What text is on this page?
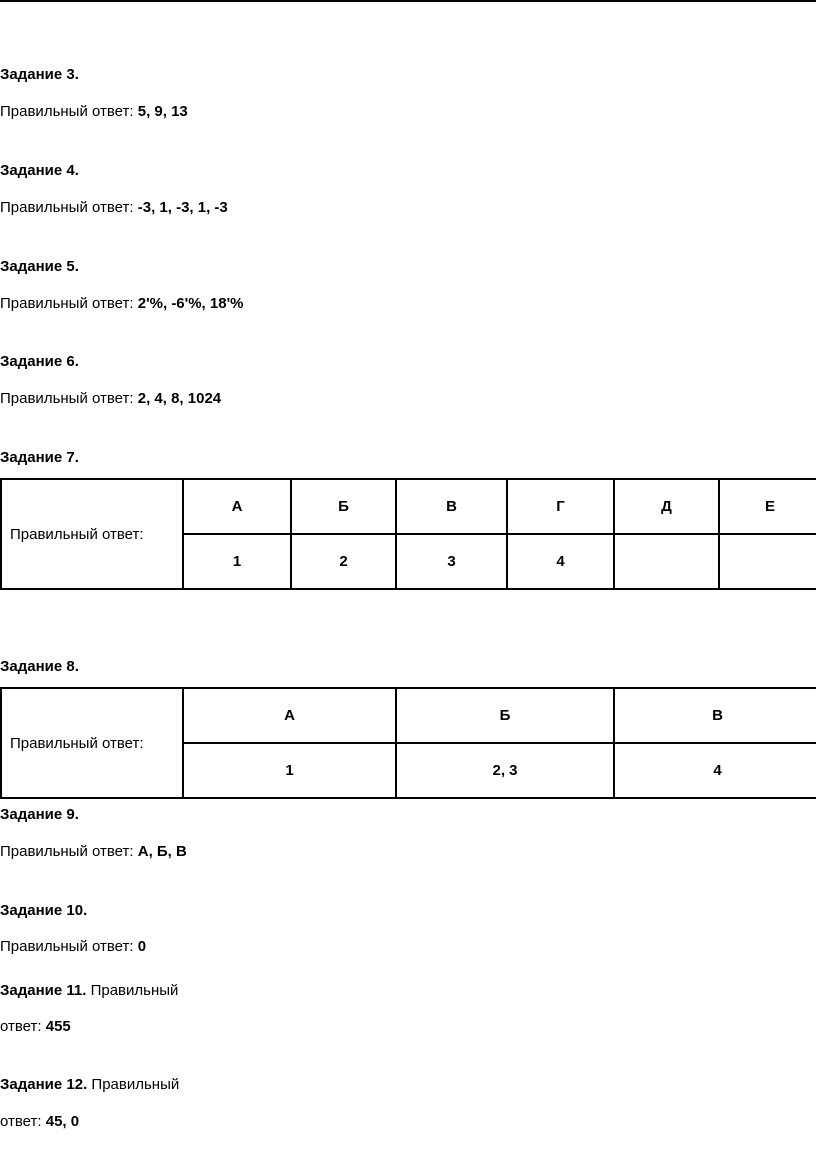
Задание 3.
Правильный ответ: 5, 9, 13
Задание 4.
Правильный ответ: -3, 1, -3, 1, -3
Задание 5.
Правильный ответ: 2'%, -6'%, 18'%
Задание 6.
Правильный ответ: 2, 4, 8, 1024
Задание 7.
Правильный ответ:	А	Б	В	Г	Д	Е
	1	2	3	4		
Задание 8.
Правильный ответ:	А	Б	В
	1	2, 3	4
Задание 9.
Правильный ответ: А, Б, В
Задание 10.
Правильный ответ: 0
Задание 11. Правильный
ответ: 455
Задание 12. Правильный
ответ: 45, 0
